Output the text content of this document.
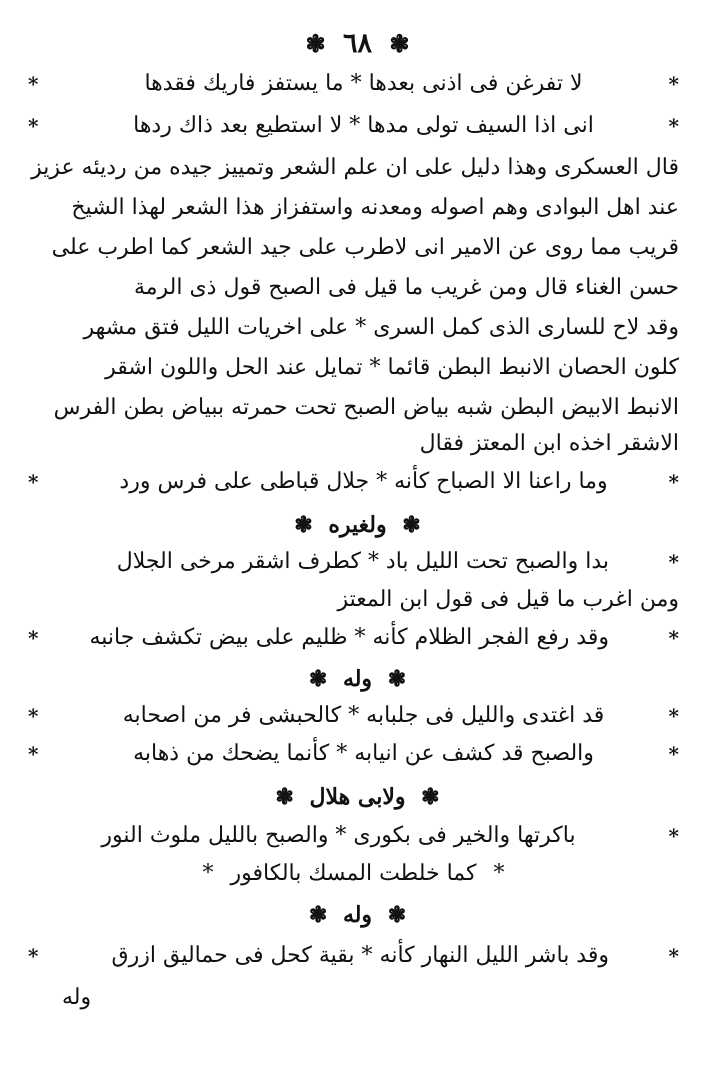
❃ ٦٨ ❃
*
لا تفرغن فى اذنى بعدها * ما يستفز فاريك فقدها
*
*
انى اذا السيف تولى مدها * لا استطيع بعد ذاك ردها
*
قال العسكرى وهذا دليل على ان علم الشعر وتمييز جيده من رديئه عزيز
عند اهل البوادى وهم اصوله ومعدنه واستفزاز هذا الشعر لهذا الشيخ
قريب مما روى عن الامير انى لاطرب على جيد الشعر كما اطرب على
حسن الغناء قال ومن غريب ما قيل فى الصبح قول ذى الرمة
وقد لاح للسارى الذى كمل السرى * على اخريات الليل فتق مشهر
كلون الحصان الانبط البطن قائما * تمايل عند الحل واللون اشقر
الانبط الابيض البطن شبه بياض الصبح تحت حمرته ببياض بطن الفرس
الاشقر اخذه ابن المعتز فقال
*
وما راعنا الا الصباح كأنه * جلال قباطى على فرس ورد
*
❃ ولغيره ❃
*
بدا والصبح تحت الليل باد * كطرف اشقر مرخى الجلال
ومن اغرب ما قيل فى قول ابن المعتز
*
وقد رفع الفجر الظلام كأنه * ظليم على بيض تكشف جانبه
*
❃ وله ❃
*
قد اغتدى والليل فى جلبابه * كالحبشى فر من اصحابه
*
*
والصبح قد كشف عن انيابه * كأنما يضحك من ذهابه
*
❃ ولابى هلال ❃
*
باكرتها والخير فى بكورى * والصبح بالليل ملوث النور
* كما خلطت المسك بالكافور *
❃ وله ❃
*
وقد باشر الليل النهار كأنه * بقية كحل فى حماليق ازرق
*
وله
